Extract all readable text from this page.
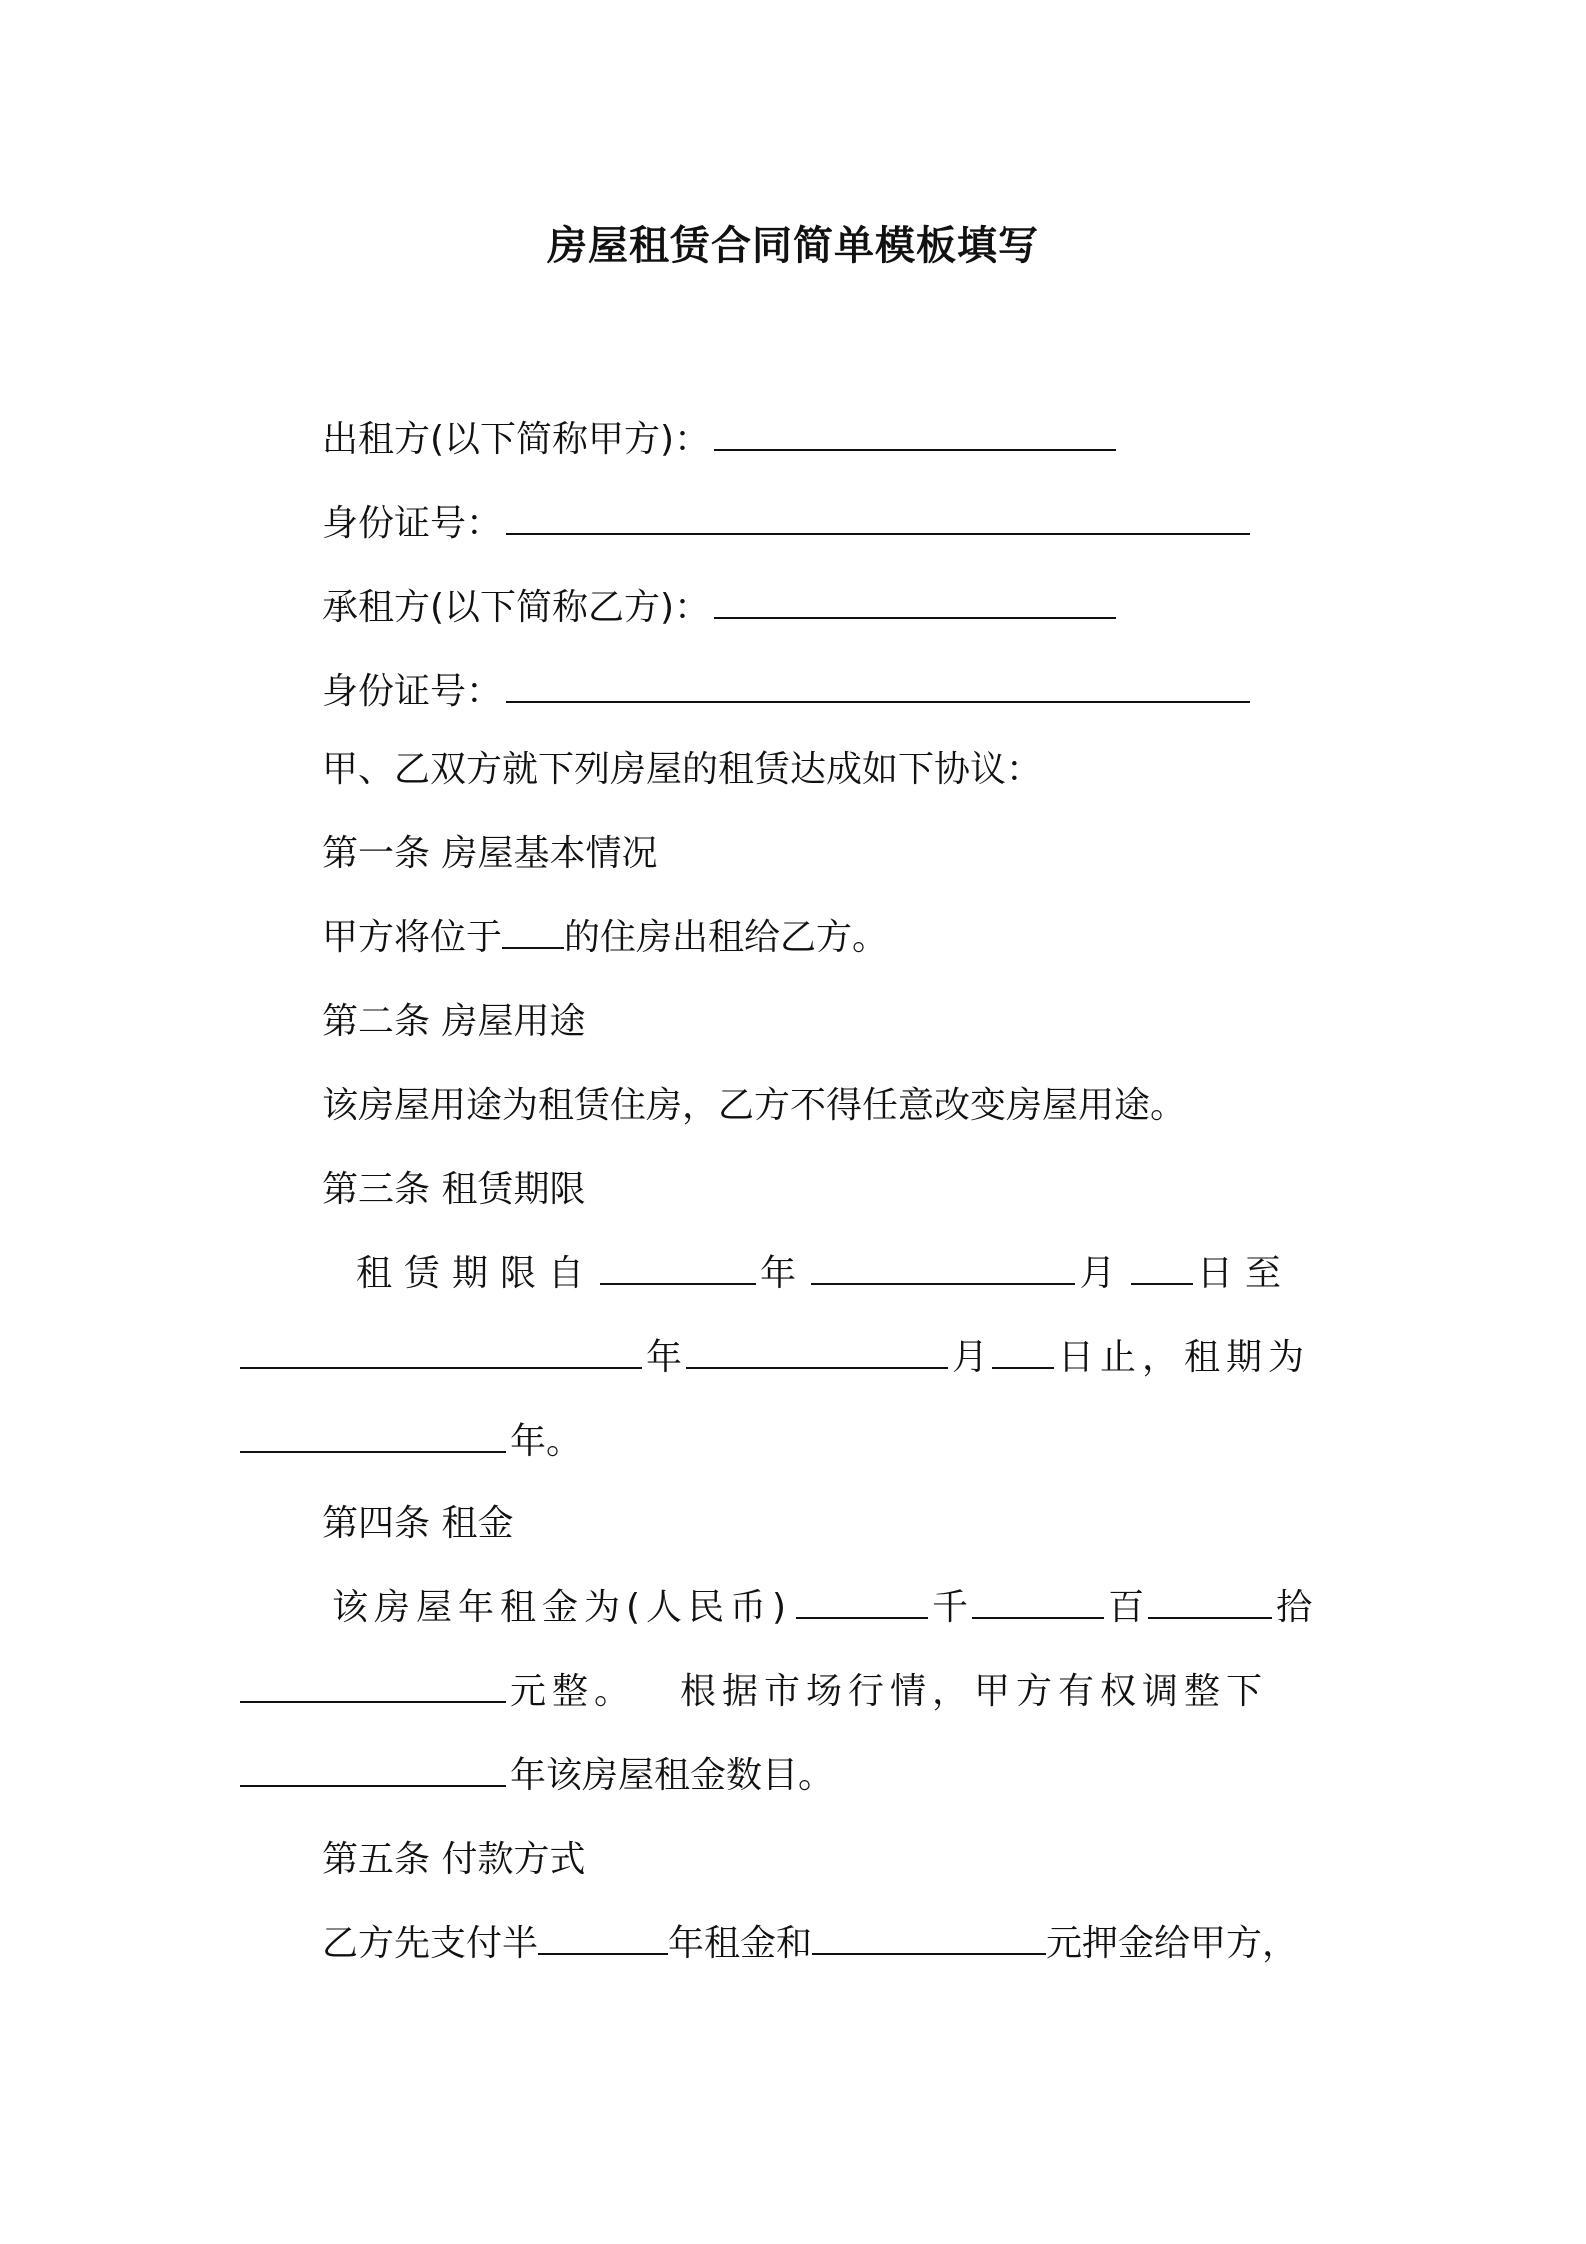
房屋租赁合同简单模板填写

出租方(以下简称甲方)：

身份证号：

承租方(以下简称乙方)：

身份证号：

甲、乙双方就下列房屋的租赁达成如下协议：

第一条 房屋基本情况

甲方将位于 的住房出租给乙方。

第二条 房屋用途

该房屋用途为租赁住房，乙方不得任意改变房屋用途。

第三条 租赁期限

租赁期限自	年	月 日至

年	月 日止，租期为

年。

第四条 租金

该房屋年租金为(人民币)	千	百	拾

元整。 根据市场行情，甲方有权调整下

年该房屋租金数目。

第五条 付款方式

乙方先支付半	年租金和	元押金给甲方，
